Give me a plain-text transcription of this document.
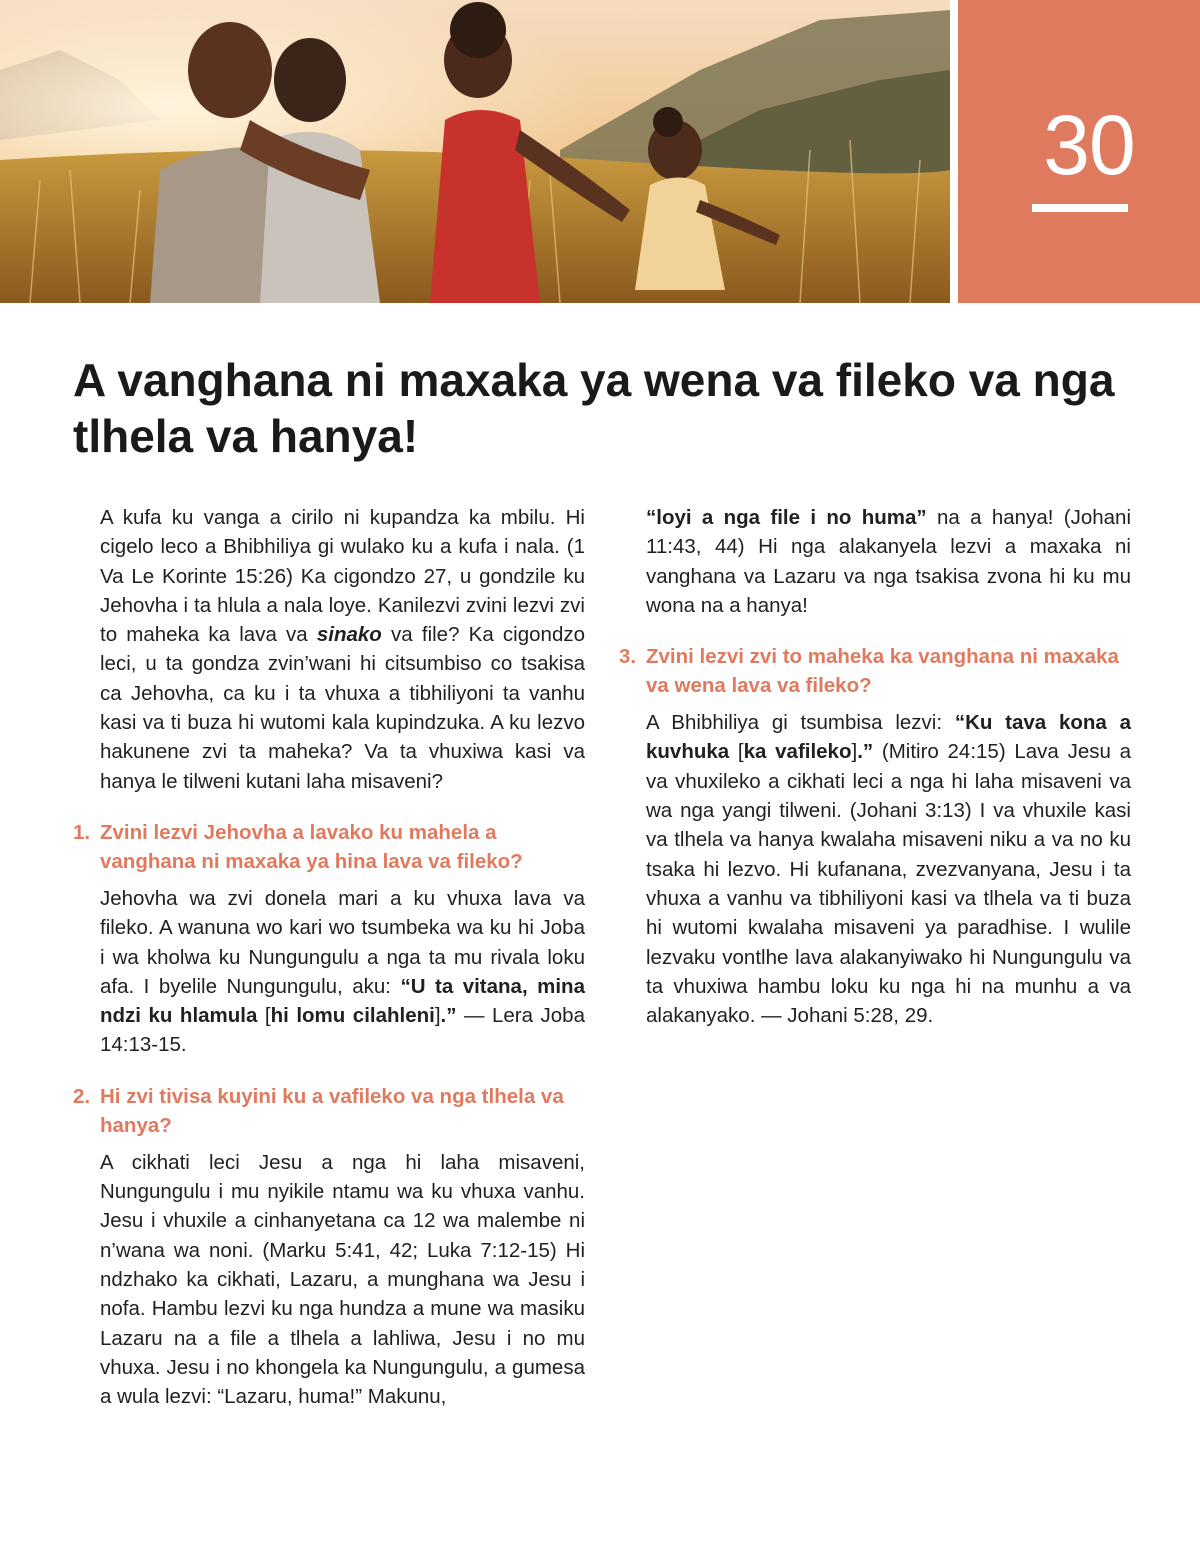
30
A vanghana ni maxaka ya wena va fileko va nga tlhela va hanya!

A kufa ku vanga a cirilo ni kupandza ka mbilu. Hi cigelo leco a Bhibhiliya gi wulako ku a kufa i nala. (1 Va Le Korinte 15:26) Ka cigondzo 27, u gondzile ku Jehovha i ta hlula a nala loye. Kanilezvi zvini lezvi zvi to maheka ka lava va sinako va file? Ka cigondzo leci, u ta gondza zvin’wani hi citsumbiso co tsakisa ca Jehovha, ca ku i ta vhuxa a tibhiliyoni ta vanhu kasi va ti buza hi wutomi kala kupindzuka. A ku lezvo hakunene zvi ta maheka? Va ta vhuxiwa kasi va hanya le tilweni kutani laha misaveni?

1. Zvini lezvi Jehovha a lavako ku mahela a vanghana ni maxaka ya hina lava va fileko?

Jehovha wa zvi donela mari a ku vhuxa lava va fileko. A wanuna wo kari wo tsumbeka wa ku hi Joba i wa kholwa ku Nungungulu a nga ta mu rivala loku afa. I byelile Nungungulu, aku: “U ta vitana, mina ndzi ku hlamula [hi lomu cilahleni].” — Lera Joba 14:13-15.

2. Hi zvi tivisa kuyini ku a vafileko va nga tlhela va hanya?

A cikhati leci Jesu a nga hi laha misaveni, Nungungulu i mu nyikile ntamu wa ku vhuxa vanhu. Jesu i vhuxile a cinhanyetana ca 12 wa malembe ni n’wana wa noni. (Marku 5:41, 42; Luka 7:12-15) Hi ndzhako ka cikhati, Lazaru, a munghana wa Jesu i nofa. Hambu lezvi ku nga hundza a mune wa masiku Lazaru na a file a tlhela a lahliwa, Jesu i no mu vhuxa. Jesu i no khongela ka Nungungulu, a gumesa a wula lezvi: “Lazaru, huma!” Makunu,

“loyi a nga file i no huma” na a hanya! (Johani 11:43, 44) Hi nga alakanyela lezvi a maxaka ni vanghana va Lazaru va nga tsakisa zvona hi ku mu wona na a hanya!

3. Zvini lezvi zvi to maheka ka vanghana ni maxaka va wena lava va fileko?

A Bhibhiliya gi tsumbisa lezvi: “Ku tava kona a kuvhuka [ka vafileko].” (Mitiro 24:15) Lava Jesu a va vhuxileko a cikhati leci a nga hi laha misaveni va wa nga yangi tilweni. (Johani 3:13) I va vhuxile kasi va tlhela va hanya kwalaha misaveni niku a va no ku tsaka hi lezvo. Hi kufanana, zvezvanyana, Jesu i ta vhuxa a vanhu va tibhiliyoni kasi va tlhela va ti buza hi wutomi kwalaha misaveni ya paradhise. I wulile lezvaku vontlhe lava alakanyiwako hi Nungungulu va ta vhuxiwa hambu loku ku nga hi na munhu a va alakanyako. — Johani 5:28, 29.
